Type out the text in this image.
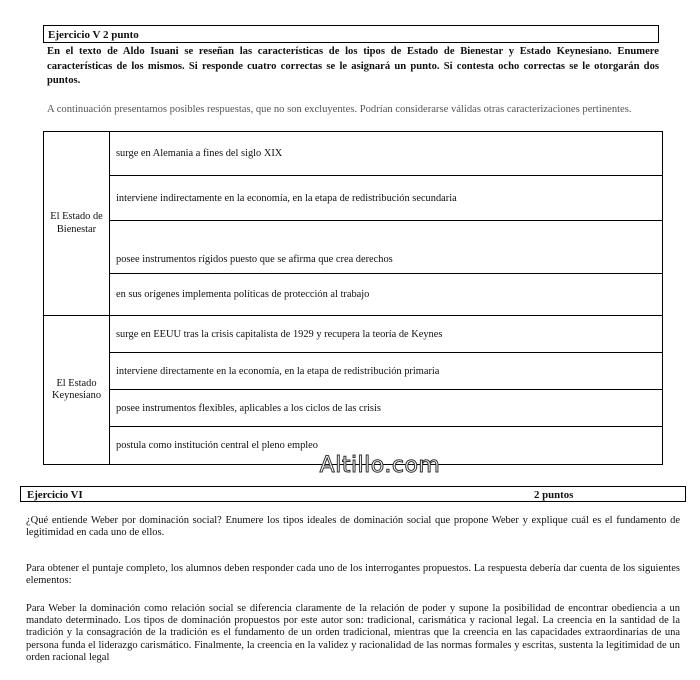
Ejercicio V 2 punto
En el texto de Aldo Isuani se reseñan las características de los tipos de Estado de Bienestar y Estado Keynesiano. Enumere características de los mismos. Si responde cuatro correctas se le asignará un punto. Si contesta ocho correctas se le otorgarán dos puntos.
A continuación presentamos posibles respuestas, que no son excluyentes. Podrían considerarse válidas otras caracterizaciones pertinentes.
El Estado de Bienestar	surge en Alemania a fines del siglo XIX
	interviene indirectamente en la economía, en la etapa de redistribución secundaria
	posee instrumentos rígidos puesto que se afirma que crea derechos
	en sus orígenes implementa políticas de protección al trabajo
El Estado Keynesiano	surge en EEUU tras la crisis capitalista de 1929 y recupera la teoría de Keynes
	interviene directamente en la economía, en la etapa de redistribución primaria
	posee instrumentos flexibles, aplicables a los ciclos de las crisis
	postula como institución central el pleno empleo
Altillo.com
Ejercicio VI	2 puntos
¿Qué entiende Weber por dominación social? Enumere los tipos ideales de dominación social que propone Weber y explique cuál es el fundamento de legitimidad en cada uno de ellos.
Para obtener el puntaje completo, los alumnos deben responder cada uno de los interrogantes propuestos. La respuesta debería dar cuenta de los siguientes elementos:
Para Weber la dominación como relación social se diferencia claramente de la relación de poder y supone la posibilidad de encontrar obediencia a un mandato determinado. Los tipos de dominación propuestos por este autor son: tradicional, carismática y racional legal. La creencia en la santidad de la tradición y la consagración de la tradición es el fundamento de un orden tradicional, mientras que la creencia en las capacidades extraordinarias de una persona funda el liderazgo carismático. Finalmente, la creencia en la validez y racionalidad de las normas formales y escritas, sustenta la legitimidad de un orden racional legal
